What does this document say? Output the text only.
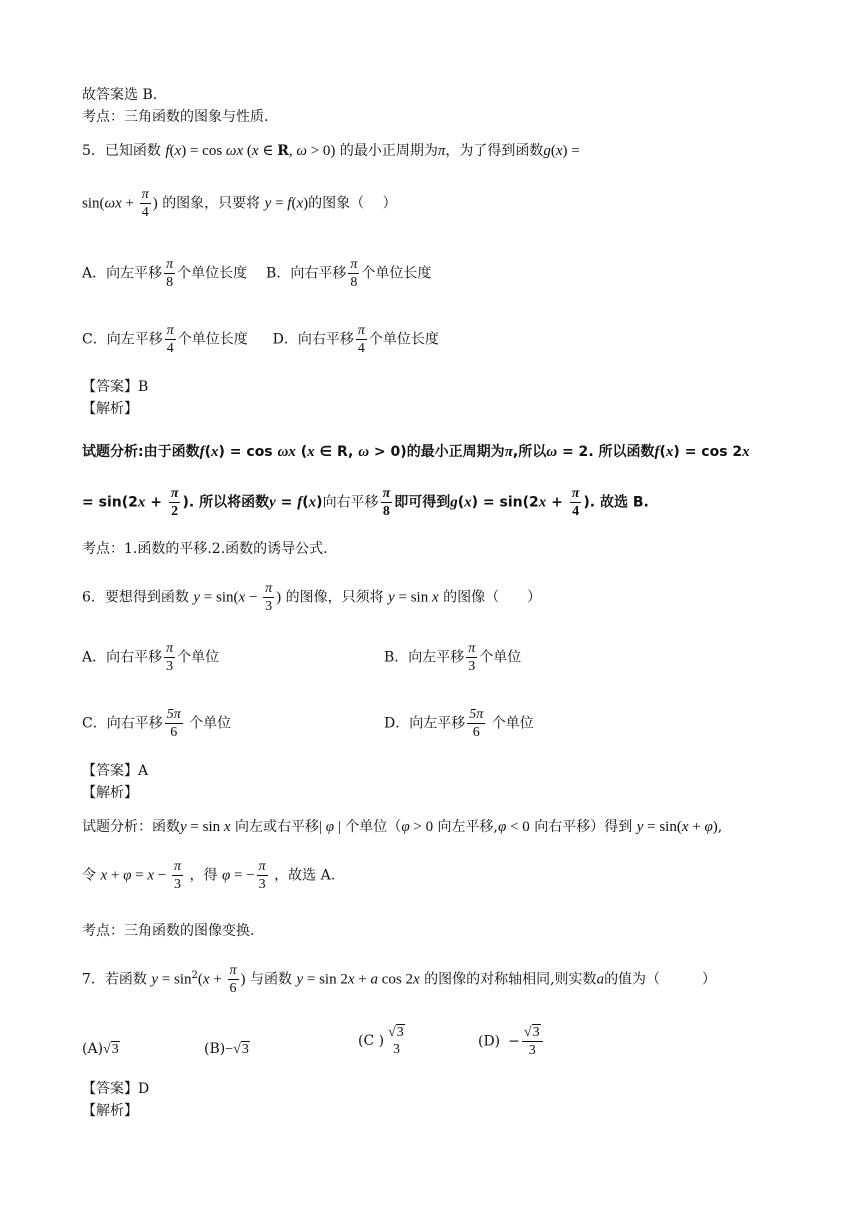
故答案选 B.
考点：三角函数的图象与性质.
5．已知函数 f(x) = cos ωx (x ∈ R, ω > 0) 的最小正周期为π，为了得到函数g(x) =
$\sin(\omega x + \frac{\pi}{4}$ ) 的图象，只要将 y = f(x)的图象（　 ）
A．向左平移 $\frac{\pi}{8}$ 个单位长度 B．向右平移 $\frac{\pi}{8}$ 个单位长度
C．向左平移 $\frac{\pi}{4}$ 个单位长度 D．向右平移 $\frac{\pi}{4}$ 个单位长度
【答案】B
【解析】
试题分析:由于函数f(x) = cos ωx (x ∈ R, ω > 0)的最小正周期为π,所以ω = 2. 所以函数f(x) = cos 2x
= $\sin(2x + \frac{\pi}{2}$ ). 所以将函数y = f(x)向右平移 $\frac{\pi}{8}$ 即可得到$g(x) = \sin(2x + \frac{\pi}{4}$ ). 故选 B.
考点：1.函数的平移.2.函数的诱导公式.
6．要想得到函数 $y = \sin(x - \frac{\pi}{3}$ ) 的图像，只须将 y = sin x 的图像（　　）
A．向右平移 $\frac{\pi}{3}$ 个单位	B．向左平移 $\frac{\pi}{3}$ 个单位
C．向右平移 $\frac{5\pi}{6}$ 个单位	D．向左平移 $\frac{5\pi}{6}$ 个单位
【答案】A
【解析】
试题分析：函数y = sin x 向左或右平移| φ | 个单位（φ > 0 向左平移,φ < 0 向右平移）得到 y = sin(x + φ),
令 $x + \varphi = x - \frac{\pi}{3}$ ，得 φ = − $\frac{\pi}{3}$ ，故选 A.
考点：三角函数的图像变换.
7．若函数 $y = \sin^2(x + \frac{\pi}{6}$ ) 与函数 y = sin 2x + a cos 2x 的图像的对称轴相同,则实数a的值为（　　　）
(A)√3	(B)−√3
(C )
√3
3	$(D) - \frac{√3}{3}$
【答案】D
【解析】
